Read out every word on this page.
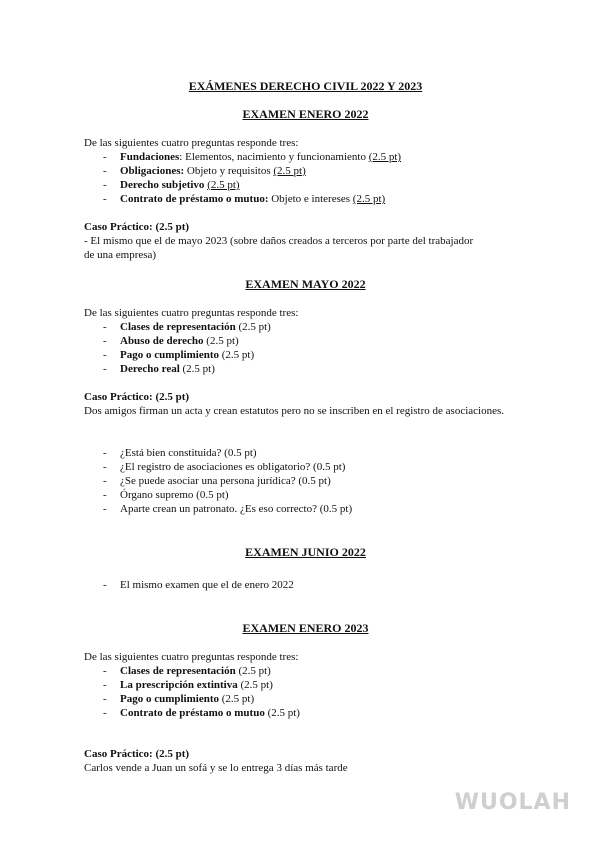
EXÁMENES DERECHO CIVIL 2022 Y 2023
EXAMEN ENERO 2022
De las siguientes cuatro preguntas responde tres:
- Fundaciones: Elementos, nacimiento y funcionamiento (2.5 pt)
- Obligaciones: Objeto y requisitos (2.5 pt)
- Derecho subjetivo (2.5 pt)
- Contrato de préstamo o mutuo: Objeto e intereses (2.5 pt)
Caso Práctico: (2.5 pt)
- El mismo que el de mayo 2023 (sobre daños creados a terceros por parte del trabajador de una empresa)
EXAMEN MAYO 2022
De las siguientes cuatro preguntas responde tres:
- Clases de representación (2.5 pt)
- Abuso de derecho (2.5 pt)
- Pago o cumplimiento (2.5 pt)
- Derecho real (2.5 pt)
Caso Práctico: (2.5 pt)
Dos amigos firman un acta y crean estatutos pero no se inscriben en el registro de asociaciones.
- ¿Está bien constituida? (0.5 pt)
- ¿El registro de asociaciones es obligatorio? (0.5 pt)
- ¿Se puede asociar una persona jurídica? (0.5 pt)
- Órgano supremo (0.5 pt)
- Aparte crean un patronato. ¿Es eso correcto? (0.5 pt)
EXAMEN JUNIO 2022
- El mismo examen que el de enero 2022
EXAMEN ENERO 2023
De las siguientes cuatro preguntas responde tres:
- Clases de representación (2.5 pt)
- La prescripción extintiva (2.5 pt)
- Pago o cumplimiento (2.5 pt)
- Contrato de préstamo o mutuo (2.5 pt)
Caso Práctico: (2.5 pt)
Carlos vende a Juan un sofá y se lo entrega 3 días más tarde
WUOLAH
